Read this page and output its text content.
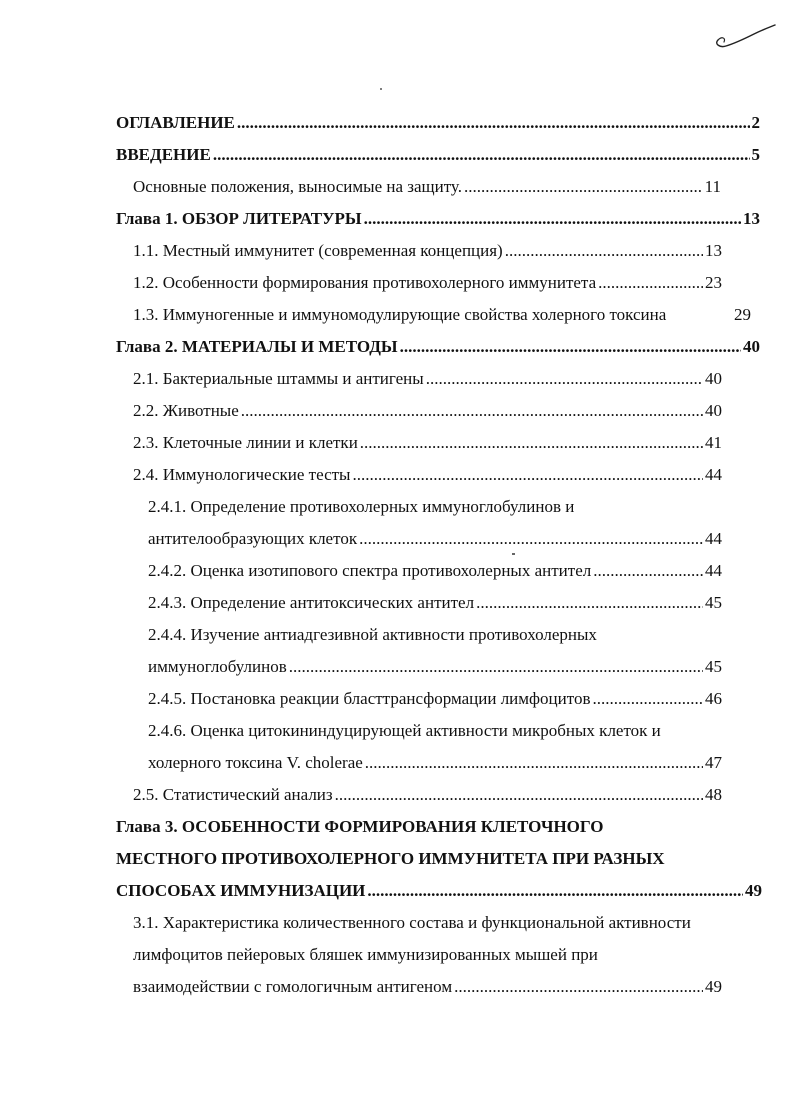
ОГЛАВЛЕНИЕ .....	2
ВВЕДЕНИЕ .....	5
Основные положения, выносимые на защиту. .....	11
Глава 1. ОБЗОР ЛИТЕРАТУРЫ .....	13
1.1. Местный иммунитет (современная концепция) .....	13
1.2. Особенности формирования противохолерного иммунитета .....	23
1.3. Иммуногенные и иммуномодулирующие свойства холерного токсина	29
Глава 2. МАТЕРИАЛЫ И МЕТОДЫ .....	40
2.1. Бактериальные штаммы и антигены .....	40
2.2. Животные .....	40
2.3. Клеточные линии и клетки .....	41
2.4. Иммунологические тесты .....	44
2.4.1. Определение противохолерных иммуноглобулинов и
антителообразующих клеток .....	44
2.4.2. Оценка изотипового спектра противохолерных антител .....	44
2.4.3. Определение антитоксических антител .....	45
2.4.4. Изучение антиадгезивной активности противохолерных
иммуноглобулинов .....	45
2.4.5. Постановка реакции бласттрансформации лимфоцитов .....	46
2.4.6. Оценка цитокининдуцирующей активности микробных клеток и
холерного токсина V. cholerae .....	47
2.5. Статистический анализ .....	48
Глава 3. ОСОБЕННОСТИ ФОРМИРОВАНИЯ КЛЕТОЧНОГО
МЕСТНОГО ПРОТИВОХОЛЕРНОГО ИММУНИТЕТА ПРИ РАЗНЫХ
СПОСОБАХ ИММУНИЗАЦИИ .....	49
3.1. Характеристика количественного состава и функциональной активности
лимфоцитов пейеровых бляшек иммунизированных мышей при
взаимодействии с гомологичным антигеном .....	49
